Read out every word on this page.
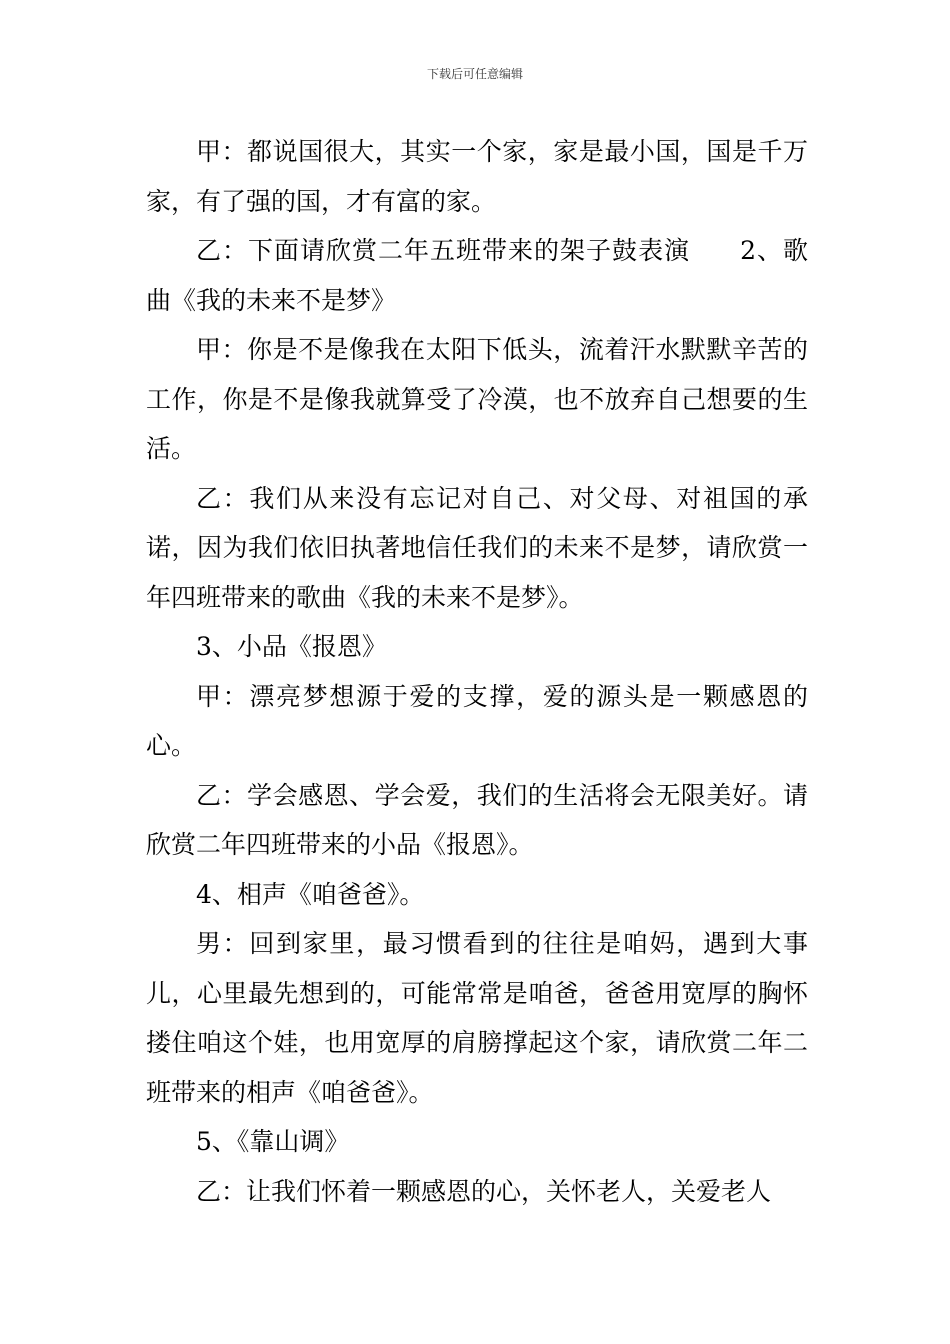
下载后可任意编辑

甲：都说国很大，其实一个家，家是最小国，国是千万家，有了强的国，才有富的家。

乙：下面请欣赏二年五班带来的架子鼓表演 2、歌曲《我的未来不是梦》

甲：你是不是像我在太阳下低头，流着汗水默默辛苦的工作，你是不是像我就算受了冷漠，也不放弃自己想要的生活。

乙：我们从来没有忘记对自己、对父母、对祖国的承诺，因为我们依旧执著地信任我们的未来不是梦，请欣赏一年四班带来的歌曲《我的未来不是梦》。

3、小品《报恩》

甲：漂亮梦想源于爱的支撑，爱的源头是一颗感恩的心。

乙：学会感恩、学会爱，我们的生活将会无限美好。请欣赏二年四班带来的小品《报恩》。

4、相声《咱爸爸》。

男：回到家里，最习惯看到的往往是咱妈，遇到大事儿，心里最先想到的，可能常常是咱爸，爸爸用宽厚的胸怀搂住咱这个娃，也用宽厚的肩膀撑起这个家，请欣赏二年二班带来的相声《咱爸爸》。

5、《靠山调》

乙：让我们怀着一颗感恩的心，关怀老人，关爱老人
